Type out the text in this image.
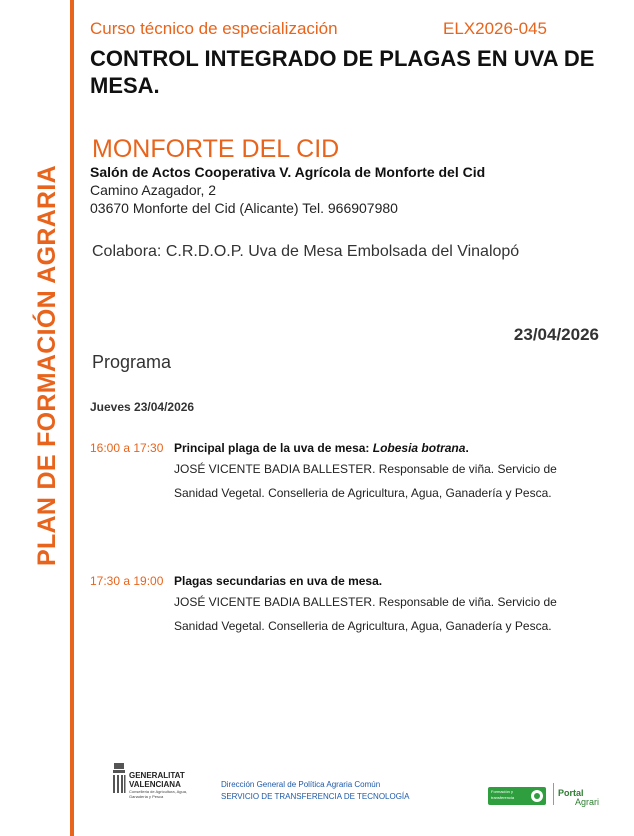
PLAN DE FORMACIÓN AGRARIA
Curso técnico de especialización	ELX2026-045
CONTROL INTEGRADO DE PLAGAS EN UVA DE MESA.
MONFORTE DEL CID
Salón de Actos Cooperativa V. Agrícola de Monforte del Cid
Camino Azagador, 2
03670 Monforte del Cid (Alicante) Tel. 966907980
Colabora: C.R.D.O.P. Uva de Mesa Embolsada del Vinalopó
23/04/2026
Programa
Jueves 23/04/2026
16:00 a 17:30 Principal plaga de la uva de mesa: Lobesia botrana.
JOSÉ VICENTE BADIA BALLESTER. Responsable de viña. Servicio de Sanidad Vegetal. Conselleria de Agricultura, Agua, Ganadería y Pesca.
17:30 a 19:00 Plagas secundarias en uva de mesa.
JOSÉ VICENTE BADIA BALLESTER. Responsable de viña. Servicio de Sanidad Vegetal. Conselleria de Agricultura, Agua, Ganadería y Pesca.
GENERALITAT
VALENCIANA
Conselleria de Agricultura, Agua, Ganadería y Pesca
Dirección General de Política Agraria Común
SERVICIO DE TRANSFERENCIA DE TECNOLOGÍA
Formación y transferencia	Portal
Agrari
